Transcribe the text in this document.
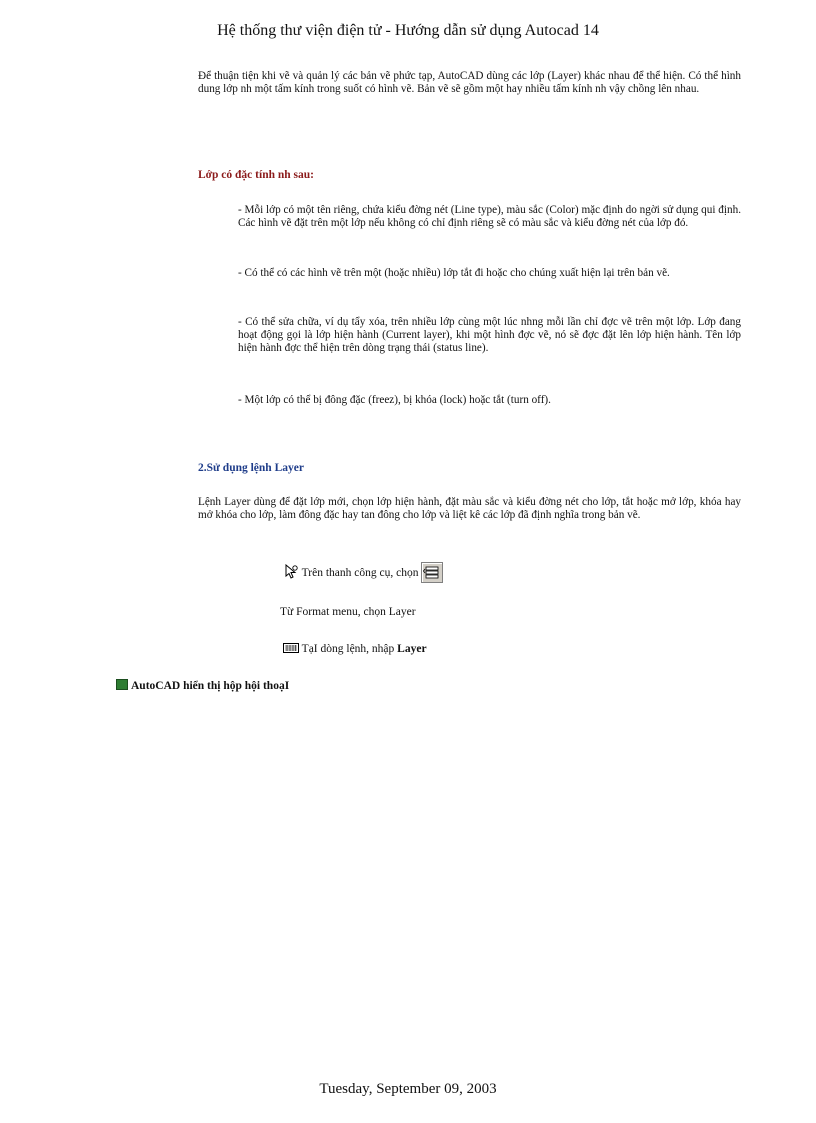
Hệ thống thư viện điện tử - Hướng dẫn sử dụng Autocad 14
Để thuận tiện khi vẽ và quản lý các bản vẽ phức tạp, AutoCAD dùng các lớp (Layer) khác nhau để thể hiện. Có thể hình dung lớp nh một tấm kính trong suốt có hình vẽ. Bản vẽ sẽ gồm một hay nhiều tấm kính nh vậy chồng lên nhau.
Lớp có đặc tính nh sau:
- Mỗi lớp có một tên riêng, chứa kiểu đờng nét (Line type), màu sắc (Color) mặc định do ngời sử dụng qui định. Các hình vẽ đặt trên một lớp nếu không có chỉ định riêng sẽ có màu sắc và kiểu đờng nét của lớp đó.
- Có thể có các hình vẽ trên một (hoặc nhiều) lớp tắt đi hoặc cho chúng xuất hiện lại trên bản vẽ.
- Có thể sửa chữa, ví dụ tẩy xóa, trên nhiều lớp cùng một lúc nhng mỗi lần chỉ đợc vẽ trên một lớp. Lớp đang hoạt động gọi là lớp hiện hành (Current layer), khi một hình đợc vẽ, nó sẽ đợc đặt lên lớp hiện hành. Tên lớp hiện hành đợc thể hiện trên dòng trạng thái (status line).
- Một lớp có thể bị đông đặc (freez), bị khóa (lock) hoặc tắt (turn off).
2.Sử dụng lệnh Layer
Lệnh Layer dùng để đặt lớp mới, chọn lớp hiện hành, đặt màu sắc và kiểu đờng nét cho lớp, tắt hoặc mở lớp, khóa hay mở khóa cho lớp, làm đông đặc hay tan đông cho lớp và liệt kê các lớp đã định nghĩa trong bản vẽ.
Trên thanh công cụ, chọn
Từ Format menu, chọn Layer
TạI dòng lệnh, nhập Layer
AutoCAD hiển thị hộp hội thoạI
Tuesday, September 09, 2003
